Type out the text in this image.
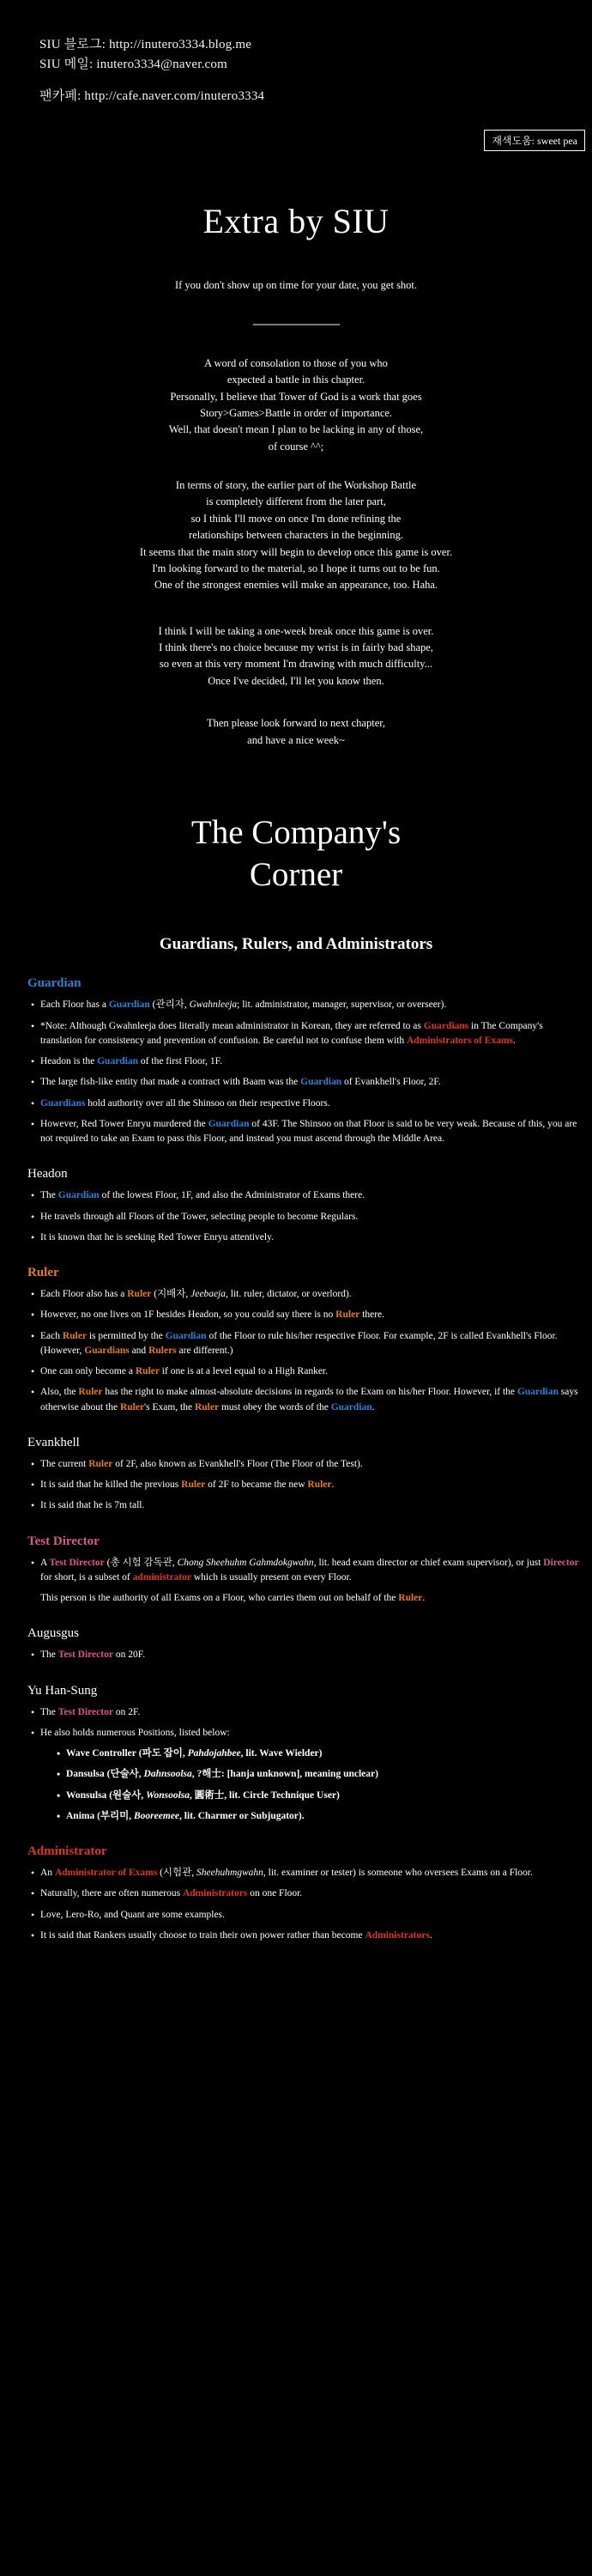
SIU 블로그: http://inutero3334.blog.me
SIU 메일: inutero3334@naver.com
팬카페: http://cafe.naver.com/inutero3334
재색도움: sweet pea
Extra by SIU
If you don't show up on time for your date, you get shot.
--------------------------------
A word of consolation to those of you who
expected a battle in this chapter.
Personally, I believe that Tower of God is a work that goes
Story>Games>Battle in order of importance.
Well, that doesn't mean I plan to be lacking in any of those,
of course ^^;
In terms of story, the earlier part of the Workshop Battle
is completely different from the later part,
so I think I'll move on once I'm done refining the
relationships between characters in the beginning.
It seems that the main story will begin to develop once this game is over.
I'm looking forward to the material, so I hope it turns out to be fun.
One of the strongest enemies will make an appearance, too. Haha.
I think I will be taking a one-week break once this game is over.
I think there's no choice because my wrist is in fairly bad shape,
so even at this very moment I'm drawing with much difficulty...
Once I've decided, I'll let you know then.
Then please look forward to next chapter,
and have a nice week~
The Company's
Corner
Guardians, Rulers, and Administrators
Guardian
• Each Floor has a Guardian (관리자, Gwahnleeja; lit. administrator, manager, supervisor, or overseer).
• *Note: Although Gwahnleeja does literally mean administrator in Korean, they are referred to as Guardians in The Company's translation for consistency and prevention of confusion. Be careful not to confuse them with Administrators of Exams.
• Headon is the Guardian of the first Floor, 1F.
• The large fish-like entity that made a contract with Baam was the Guardian of Evankhell's Floor, 2F.
• Guardians hold authority over all the Shinsoo on their respective Floors.
• However, Red Tower Enryu murdered the Guardian of 43F. The Shinsoo on that Floor is said to be very weak. Because of this, you are not required to take an Exam to pass this Floor, and instead you must ascend through the Middle Area.
Headon
• The Guardian of the lowest Floor, 1F, and also the Administrator of Exams there.
• He travels through all Floors of the Tower, selecting people to become Regulars.
• It is known that he is seeking Red Tower Enryu attentively.
Ruler
• Each Floor also has a Ruler (지배자, Jeebaeja, lit. ruler, dictator, or overlord).
• However, no one lives on 1F besides Headon, so you could say there is no Ruler there.
• Each Ruler is permitted by the Guardian of the Floor to rule his/her respective Floor. For example, 2F is called Evankhell's Floor. (However, Guardians and Rulers are different.)
• One can only become a Ruler if one is at a level equal to a High Ranker.
• Also, the Ruler has the right to make almost-absolute decisions in regards to the Exam on his/her Floor. However, if the Guardian says otherwise about the Ruler's Exam, the Ruler must obey the words of the Guardian.
Evankhell
• The current Ruler of 2F, also known as Evankhell's Floor (The Floor of the Test).
• It is said that he killed the previous Ruler of 2F to became the new Ruler.
• It is said that he is 7m tall.
Test Director
• A Test Director (총 시험 감독관, Chong Sheehuhm Gahmdokgwahn, lit. head exam director or chief exam supervisor), or just Director for short, is a subset of administrator which is usually present on every Floor.
This person is the authority of all Exams on a Floor, who carries them out on behalf of the Ruler.
Augusgus
• The Test Director on 20F.
Yu Han-Sung
• The Test Director on 2F.
• He also holds numerous Positions, listed below:
• Wave Controller (파도 잡이, Pahdojahbee, lit. Wave Wielder)
• Dansulsa (단술사, Dahnsoolsa, ?해士: [hanja unknown], meaning unclear)
• Wonsulsa (원술사, Wonsoolsa, 圓術士, lit. Circle Technique User)
• Anima (부리미, Booreemee, lit. Charmer or Subjugator).
Administrator
• An Administrator of Exams (시험관, Sheehuhmgwahn, lit. examiner or tester) is someone who oversees Exams on a Floor.
• Naturally, there are often numerous Administrators on one Floor.
• Love, Lero-Ro, and Quant are some examples.
• It is said that Rankers usually choose to train their own power rather than become Administrators.
